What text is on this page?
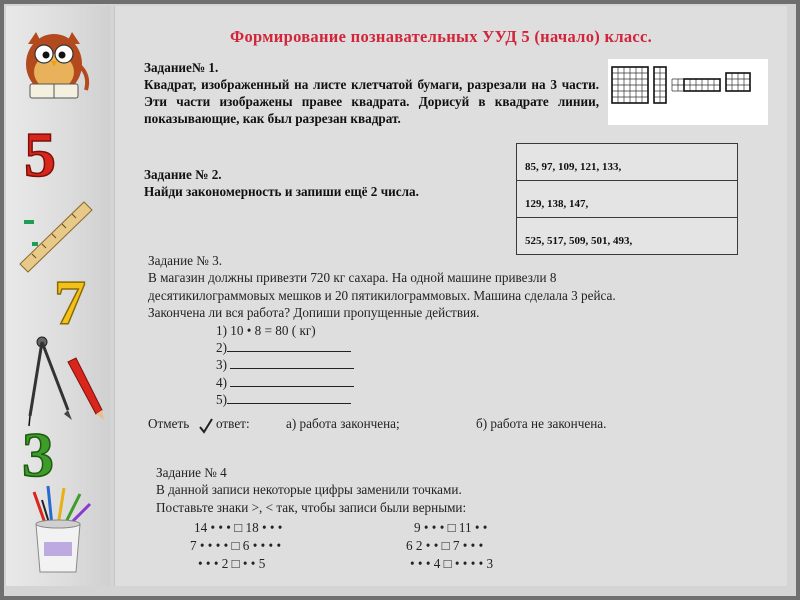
5
7
3
Формирование познавательных УУД 5 (начало) класс.
Задание№ 1.
Квадрат, изображенный на листе клетчатой бумаги, разрезали на 3 части. Эти части изображены правее квадрата. Дорисуй в квадрате линии, показывающие, как был разрезан квадрат.
Задание № 2.
Найди закономерность и запиши ещё 2 числа.
85, 97, 109, 121, 133,
129, 138, 147,
525, 517, 509, 501, 493,
Задание № 3.
В магазин должны привезти 720 кг сахара. На одной машине привезли 8
десятикилограммовых мешков и 20 пятикилограммовых. Машина сделала 3 рейса.
Закончена ли вся работа? Допиши пропущенные действия.
1) 10 • 8 = 80 ( кг)
2)
3)
4)
5)
Отметь ответ:	а) работа закончена;	б) работа не закончена.
Задание № 4
В данной записи некоторые цифры заменили точками.
Поставьте знаки >, < так, чтобы записи были верными:
14 • • • □ 18 • • •	9 • • • □ 11 • •
7 • • • • □ 6 • • • •	6 2 • • □ 7 • • •
• • • 2 □ • • 5	• • • 4 □ • • • • 3
